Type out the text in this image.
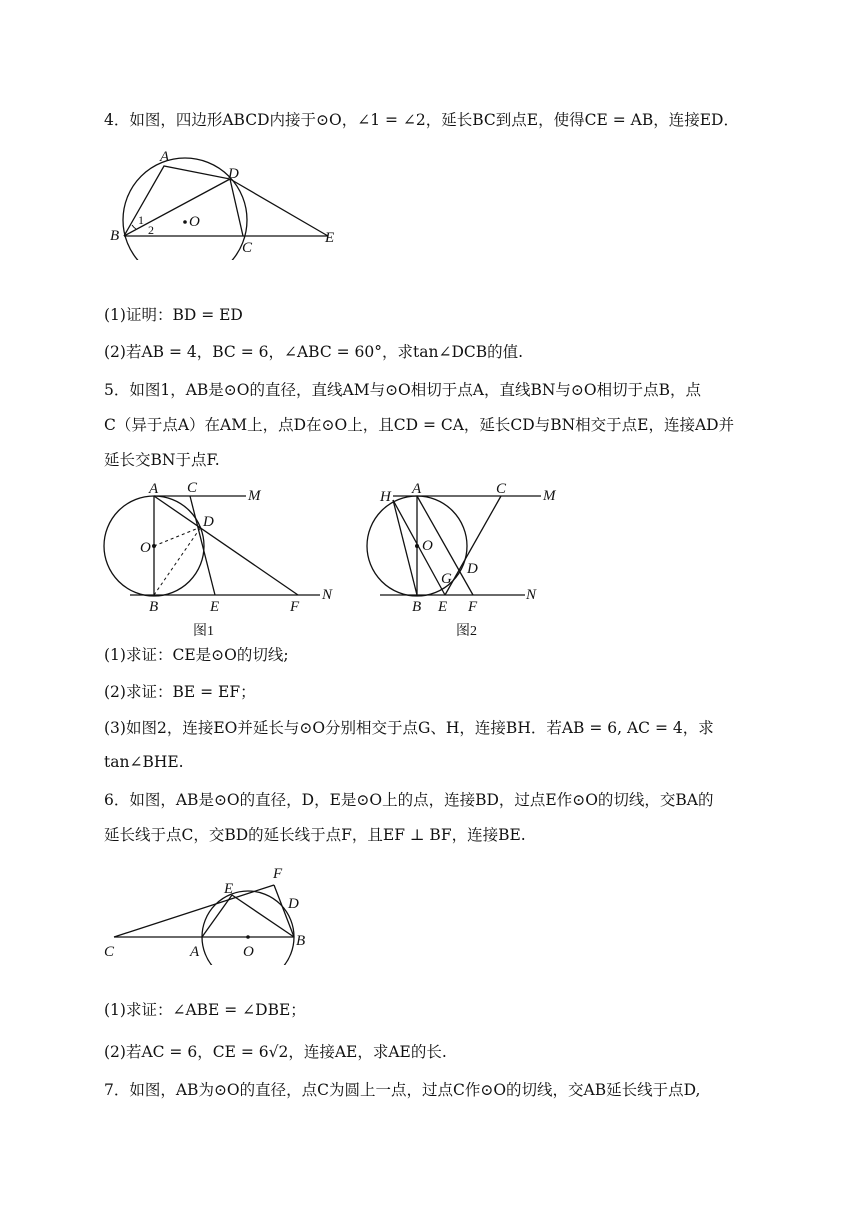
4．如图，四边形ABCD内接于⊙O，∠1 = ∠2，延长BC到点E，使得CE = AB，连接ED．
A
D
B
O
C
E
1
2
(1)证明：BD = ED
(2)若AB = 4，BC = 6，∠ABC = 60°，求tan∠DCB的值.
5．如图1，AB是⊙O的直径，直线AM与⊙O相切于点A，直线BN与⊙O相切于点B，点
C（异于点A）在AM上，点D在⊙O上，且CD = CA，延长CD与BN相交于点E，连接AD并
延长交BN于点F.
A C	M
D
O
B	E	F
N
图1
H A	C M
O
G
D
B E F
N
图2
(1)求证：CE是⊙O的切线;
(2)求证：BE = EF；
(3)如图2，连接EO并延长与⊙O分别相交于点G、H，连接BH．若AB = 6, AC = 4，求
tan∠BHE.
6．如图，AB是⊙O的直径，D，E是⊙O上的点，连接BD，过点E作⊙O的切线，交BA的
延长线于点C，交BD的延长线于点F，且EF ⊥ BF，连接BE.
F
E
D
C	A	O
B
(1)求证：∠ABE = ∠DBE；
(2)若AC = 6，CE = 6√2，连接AE，求AE的长.
7．如图，AB为⊙O的直径，点C为圆上一点，过点C作⊙O的切线，交AB延长线于点D,
